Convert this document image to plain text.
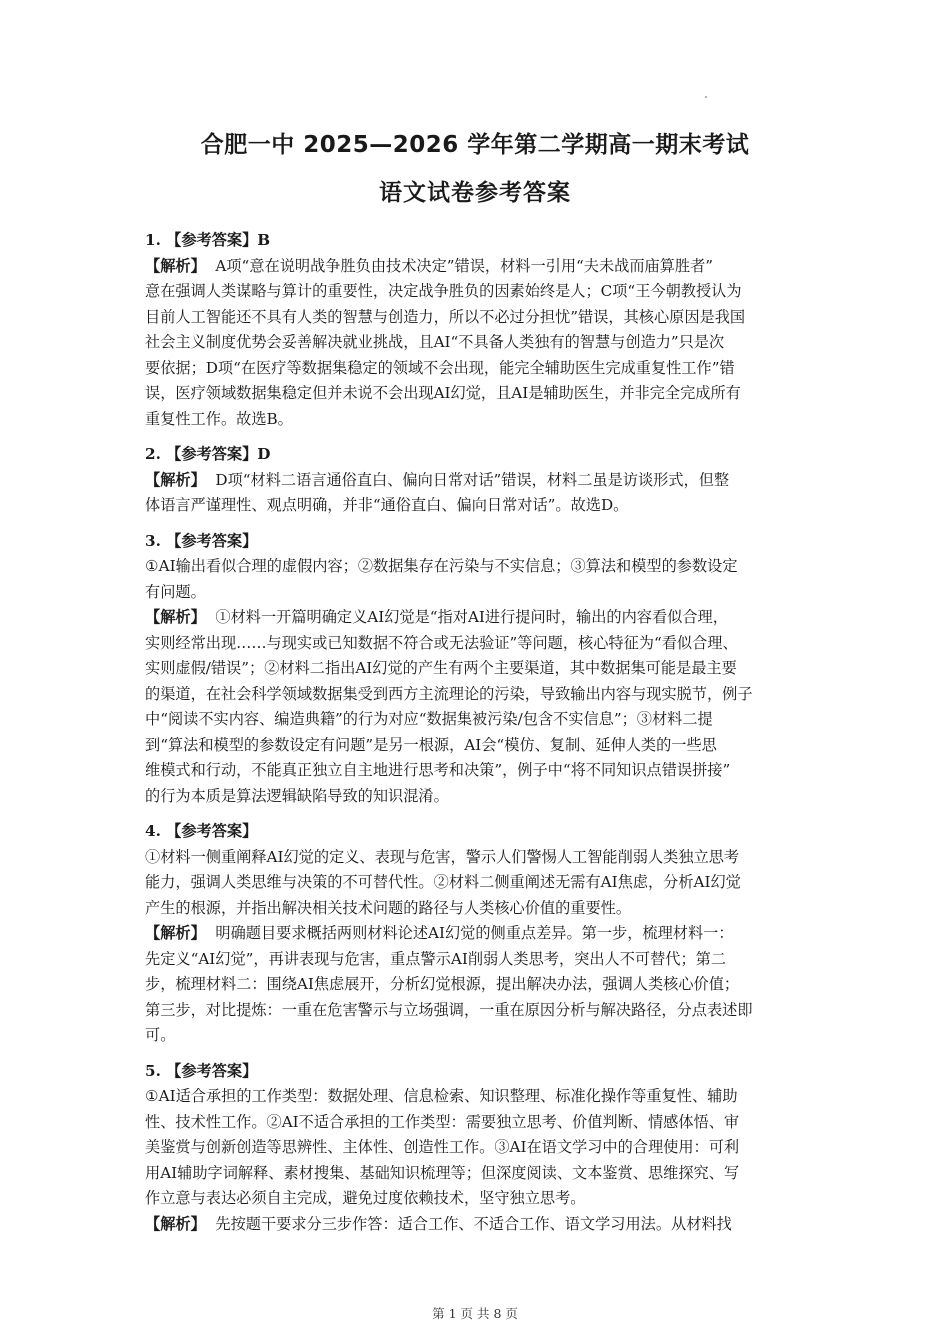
合肥一中 2025—2026 学年第二学期高一期末考试
语文试卷参考答案
1. 【参考答案】B
【解析】  A项“意在说明战争胜负由技术决定”错误，材料一引用“夫未战而庙算胜者”
意在强调人类谋略与算计的重要性，决定战争胜负的因素始终是人；C项“王今朝教授认为
目前人工智能还不具有人类的智慧与创造力，所以不必过分担忧”错误，其核心原因是我国
社会主义制度优势会妥善解决就业挑战，且AI“不具备人类独有的智慧与创造力”只是次
要依据；D项“在医疗等数据集稳定的领域不会出现，能完全辅助医生完成重复性工作”错
误，医疗领域数据集稳定但并未说不会出现AI幻觉，且AI是辅助医生，并非完全完成所有
重复性工作。故选B。
2. 【参考答案】D
【解析】  D项“材料二语言通俗直白、偏向日常对话”错误，材料二虽是访谈形式，但整
体语言严谨理性、观点明确，并非“通俗直白、偏向日常对话”。故选D。
3. 【参考答案】
①AI输出看似合理的虚假内容；②数据集存在污染与不实信息；③算法和模型的参数设定
有问题。
【解析】  ①材料一开篇明确定义AI幻觉是“指对AI进行提问时，输出的内容看似合理，
实则经常出现……与现实或已知数据不符合或无法验证”等问题，核心特征为“看似合理、
实则虚假/错误”；②材料二指出AI幻觉的产生有两个主要渠道，其中数据集可能是最主要
的渠道，在社会科学领域数据集受到西方主流理论的污染，导致输出内容与现实脱节，例子
中“阅读不实内容、编造典籍”的行为对应“数据集被污染/包含不实信息”；③材料二提
到“算法和模型的参数设定有问题”是另一根源，AI会“模仿、复制、延伸人类的一些思
维模式和行动，不能真正独立自主地进行思考和决策”，例子中“将不同知识点错误拼接”
的行为本质是算法逻辑缺陷导致的知识混淆。
4. 【参考答案】
①材料一侧重阐释AI幻觉的定义、表现与危害，警示人们警惕人工智能削弱人类独立思考
能力，强调人类思维与决策的不可替代性。②材料二侧重阐述无需有AI焦虑，分析AI幻觉
产生的根源，并指出解决相关技术问题的路径与人类核心价值的重要性。
【解析】  明确题目要求概括两则材料论述AI幻觉的侧重点差异。第一步，梳理材料一：
先定义“AI幻觉”，再讲表现与危害，重点警示AI削弱人类思考，突出人不可替代；第二
步，梳理材料二：围绕AI焦虑展开，分析幻觉根源，提出解决办法，强调人类核心价值；
第三步，对比提炼：一重在危害警示与立场强调，一重在原因分析与解决路径，分点表述即
可。
5. 【参考答案】
①AI适合承担的工作类型：数据处理、信息检索、知识整理、标准化操作等重复性、辅助
性、技术性工作。②AI不适合承担的工作类型：需要独立思考、价值判断、情感体悟、审
美鉴赏与创新创造等思辨性、主体性、创造性工作。③AI在语文学习中的合理使用：可利
用AI辅助字词解释、素材搜集、基础知识梳理等；但深度阅读、文本鉴赏、思维探究、写
作立意与表达必须自主完成，避免过度依赖技术，坚守独立思考。
【解析】  先按题干要求分三步作答：适合工作、不适合工作、语文学习用法。从材料找
第 1 页 共 8 页
